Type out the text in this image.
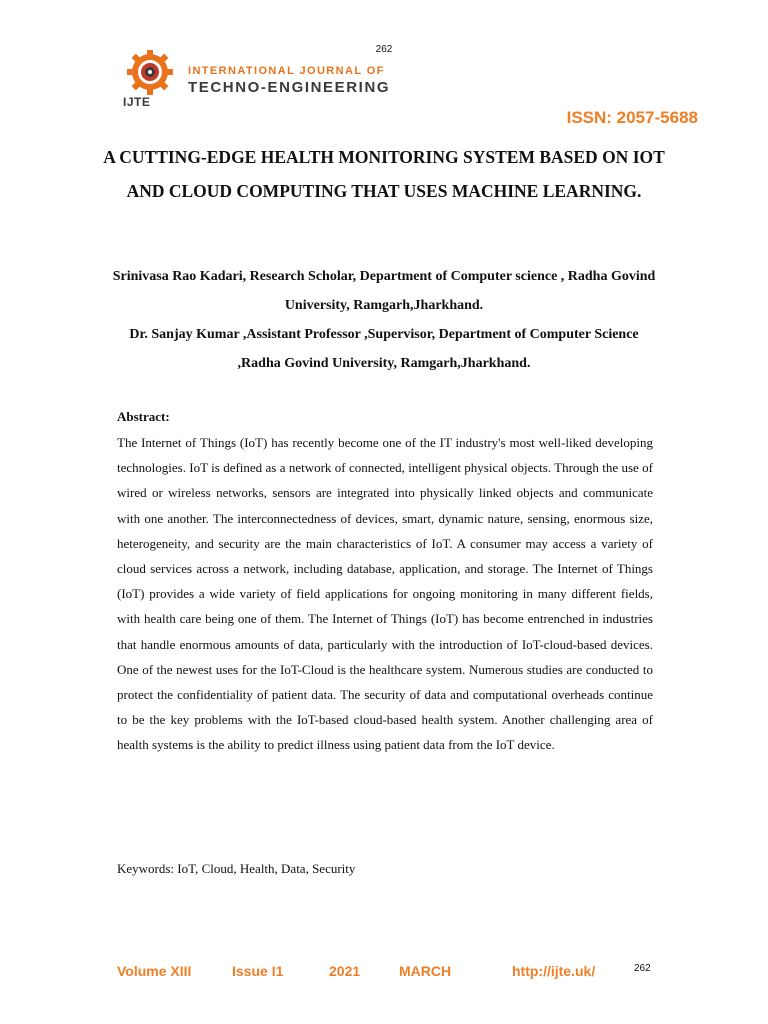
262
INTERNATIONAL JOURNAL OF
TECHNO-ENGINEERING
IJTE
ISSN: 2057-5688
A CUTTING-EDGE HEALTH MONITORING SYSTEM BASED ON IOT AND CLOUD COMPUTING THAT USES MACHINE LEARNING.
Srinivasa Rao Kadari, Research Scholar, Department of Computer science , Radha Govind University, Ramgarh,Jharkhand.
Dr. Sanjay Kumar ,Assistant Professor ,Supervisor, Department of Computer Science ,Radha Govind University, Ramgarh,Jharkhand.
Abstract:
The Internet of Things (IoT) has recently become one of the IT industry's most well-liked developing technologies. IoT is defined as a network of connected, intelligent physical objects. Through the use of wired or wireless networks, sensors are integrated into physically linked objects and communicate with one another. The interconnectedness of devices, smart, dynamic nature, sensing, enormous size, heterogeneity, and security are the main characteristics of IoT. A consumer may access a variety of cloud services across a network, including database, application, and storage. The Internet of Things (IoT) provides a wide variety of field applications for ongoing monitoring in many different fields, with health care being one of them. The Internet of Things (IoT) has become entrenched in industries that handle enormous amounts of data, particularly with the introduction of IoT-cloud-based devices. One of the newest uses for the IoT-Cloud is the healthcare system. Numerous studies are conducted to protect the confidentiality of patient data. The security of data and computational overheads continue to be the key problems with the IoT-based cloud-based health system. Another challenging area of health systems is the ability to predict illness using patient data from the IoT device.
Keywords: IoT, Cloud, Health, Data, Security
Volume XIII	Issue I1	2021	MARCH	http://ijte.uk/	262
